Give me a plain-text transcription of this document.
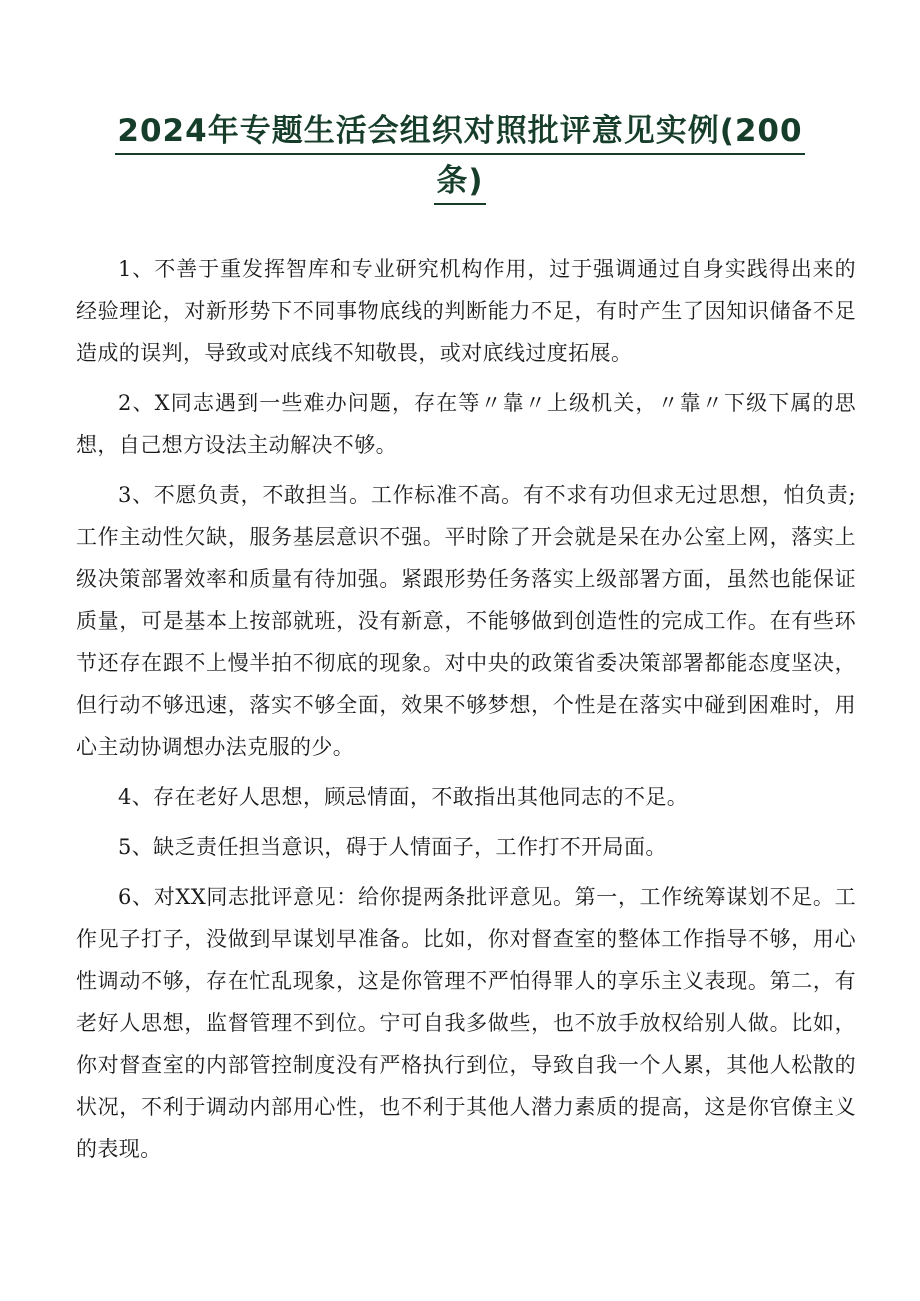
2024年专题生活会组织对照批评意见实例(200
条)

1、不善于重发挥智库和专业研究机构作用，过于强调通过自身实践得出来的经验理论，对新形势下不同事物底线的判断能力不足，有时产生了因知识储备不足造成的误判，导致或对底线不知敬畏，或对底线过度拓展。

2、X同志遇到一些难办问题，存在等〃靠〃上级机关，〃靠〃下级下属的思想，自己想方设法主动解决不够。

3、不愿负责，不敢担当。工作标准不高。有不求有功但求无过思想，怕负责;工作主动性欠缺，服务基层意识不强。平时除了开会就是呆在办公室上网，落实上级决策部署效率和质量有待加强。紧跟形势任务落实上级部署方面，虽然也能保证质量，可是基本上按部就班，没有新意，不能够做到创造性的完成工作。在有些环节还存在跟不上慢半拍不彻底的现象。对中央的政策省委决策部署都能态度坚决，但行动不够迅速，落实不够全面，效果不够梦想，个性是在落实中碰到困难时，用心主动协调想办法克服的少。

4、存在老好人思想，顾忌情面，不敢指出其他同志的不足。

5、缺乏责任担当意识，碍于人情面子，工作打不开局面。

6、对XX同志批评意见：给你提两条批评意见。第一，工作统筹谋划不足。工作见子打子，没做到早谋划早准备。比如，你对督查室的整体工作指导不够，用心性调动不够，存在忙乱现象，这是你管理不严怕得罪人的享乐主义表现。第二，有老好人思想，监督管理不到位。宁可自我多做些，也不放手放权给别人做。比如，你对督查室的内部管控制度没有严格执行到位，导致自我一个人累，其他人松散的状况，不利于调动内部用心性，也不利于其他人潜力素质的提高，这是你官僚主义的表现。
